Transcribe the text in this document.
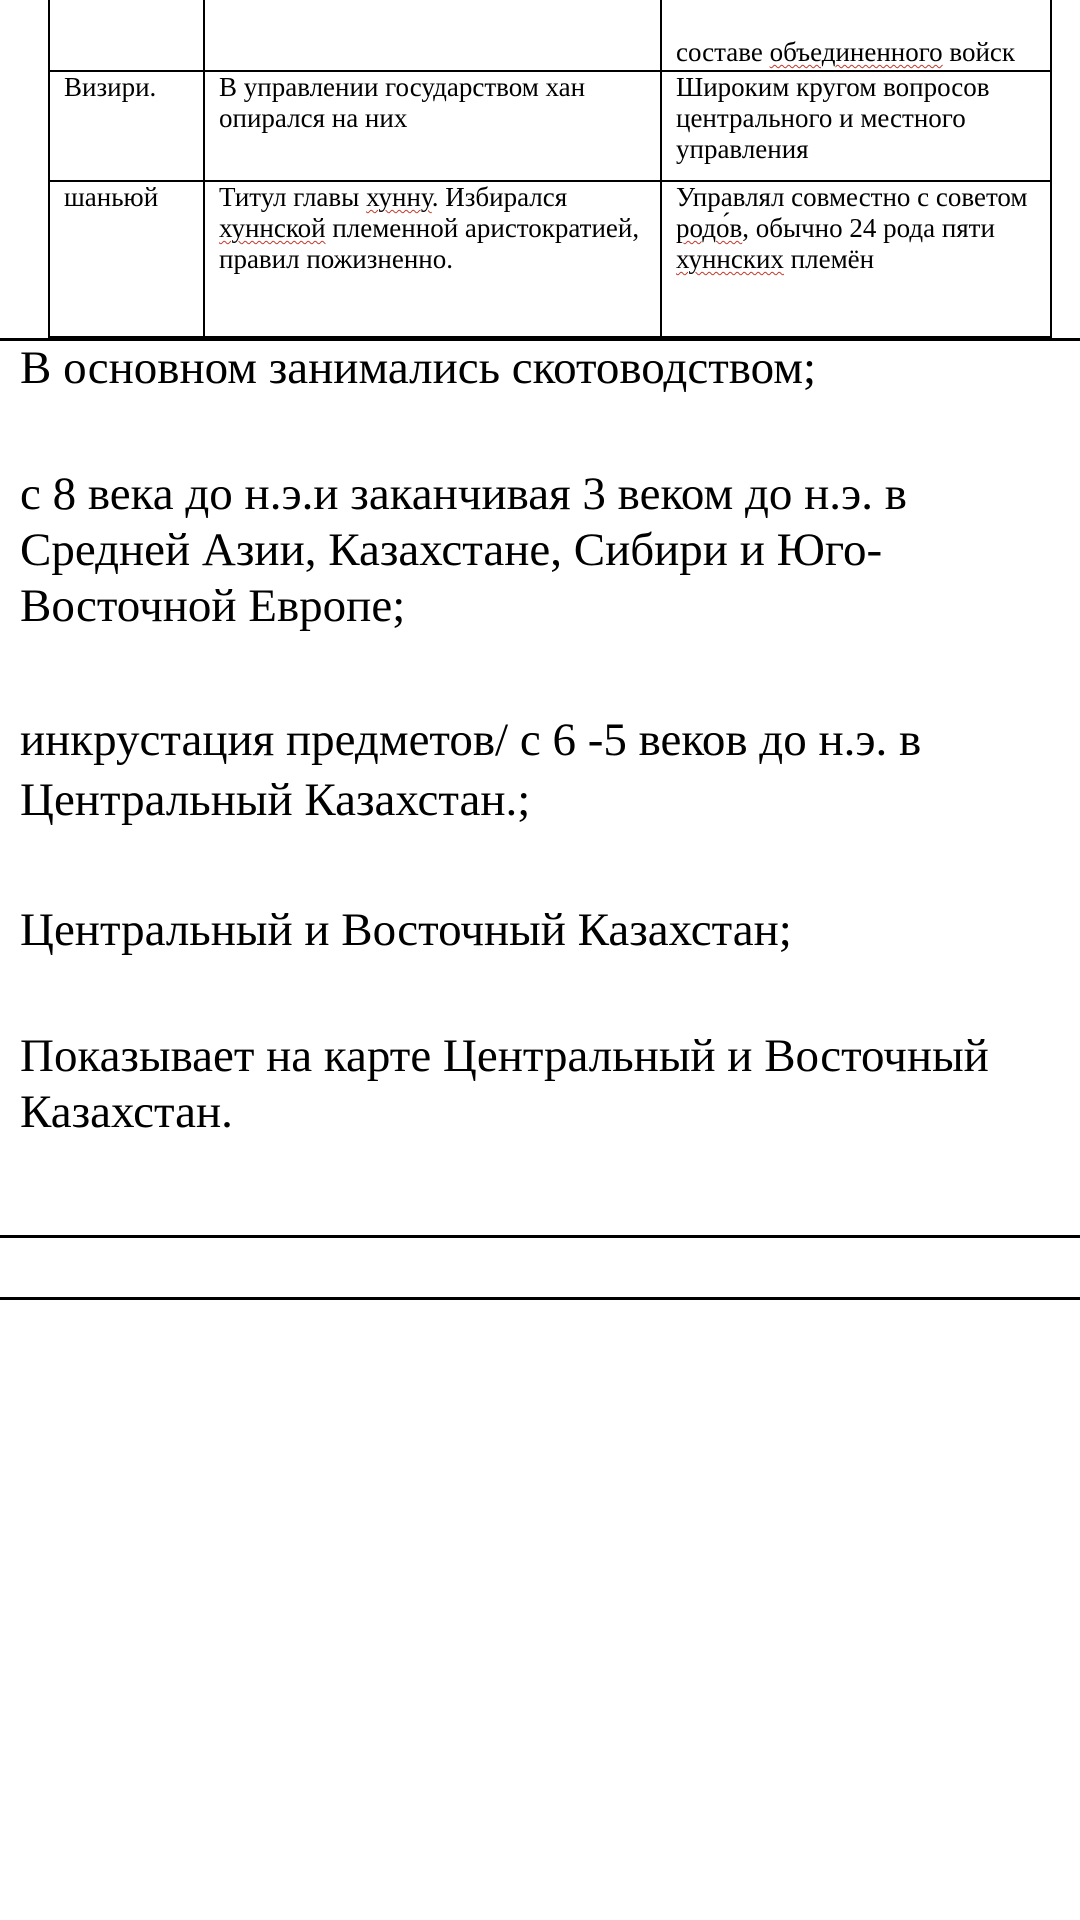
		составе объединенного войск
Визири.	В управлении государством хан опирался на них	Широким кругом вопросов центрального и местного управления
шаньюй	Титул главы хунну. Избирался хуннской племенной аристократией, правил пожизненно.	Управлял совместно с советом родо́в, обычно 24 рода пяти хуннских племён

В основном занимались скотоводством;

с 8 века до н.э.и заканчивая 3 веком до н.э. в Средней Азии, Казахстане, Сибири и Юго-Восточной Европе;

инкрустация предметов/ с 6 -5 веков до н.э. в
Центральный Казахстан.;

Центральный и Восточный Казахстан;

Показывает на карте Центральный и Восточный Казахстан.
